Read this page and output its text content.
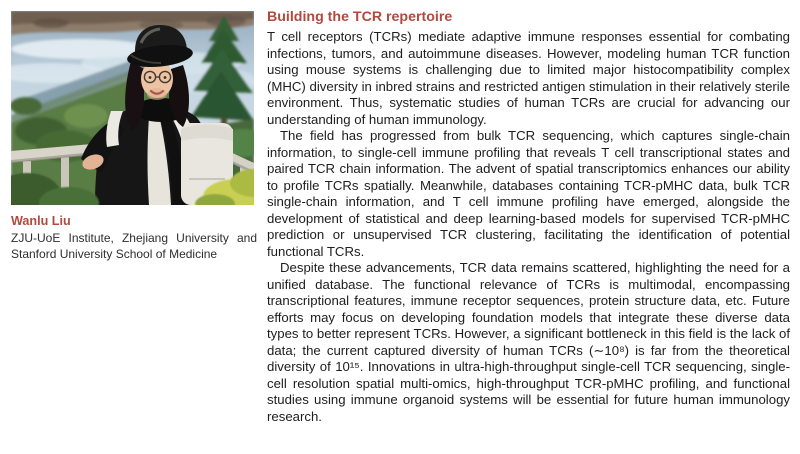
Wanlu Liu
ZJU-UoE Institute, Zhejiang University and Stanford University School of Medicine
Building the TCR repertoire

T cell receptors (TCRs) mediate adaptive immune responses essential for combating infections, tumors, and autoimmune diseases. However, modeling human TCR function using mouse systems is challenging due to limited major histocompatibility complex (MHC) diversity in inbred strains and restricted antigen stimulation in their relatively sterile environment. Thus, systematic studies of human TCRs are crucial for advancing our understanding of human immunology.

The field has progressed from bulk TCR sequencing, which captures single-chain information, to single-cell immune profiling that reveals T cell transcriptional states and paired TCR chain information. The advent of spatial transcriptomics enhances our ability to profile TCRs spatially. Meanwhile, databases containing TCR-pMHC data, bulk TCR single-chain information, and T cell immune profiling have emerged, alongside the development of statistical and deep learning-based models for supervised TCR-pMHC prediction or unsupervised TCR clustering, facilitating the identification of potential functional TCRs.

Despite these advancements, TCR data remains scattered, highlighting the need for a unified database. The functional relevance of TCRs is multimodal, encompassing transcriptional features, immune receptor sequences, protein structure data, etc. Future efforts may focus on developing foundation models that integrate these diverse data types to better represent TCRs. However, a significant bottleneck in this field is the lack of data; the current captured diversity of human TCRs (∼10⁸) is far from the theoretical diversity of 10¹⁵. Innovations in ultra-high-throughput single-cell TCR sequencing, single-cell resolution spatial multi-omics, high-throughput TCR-pMHC profiling, and functional studies using immune organoid systems will be essential for future human immunology research.
